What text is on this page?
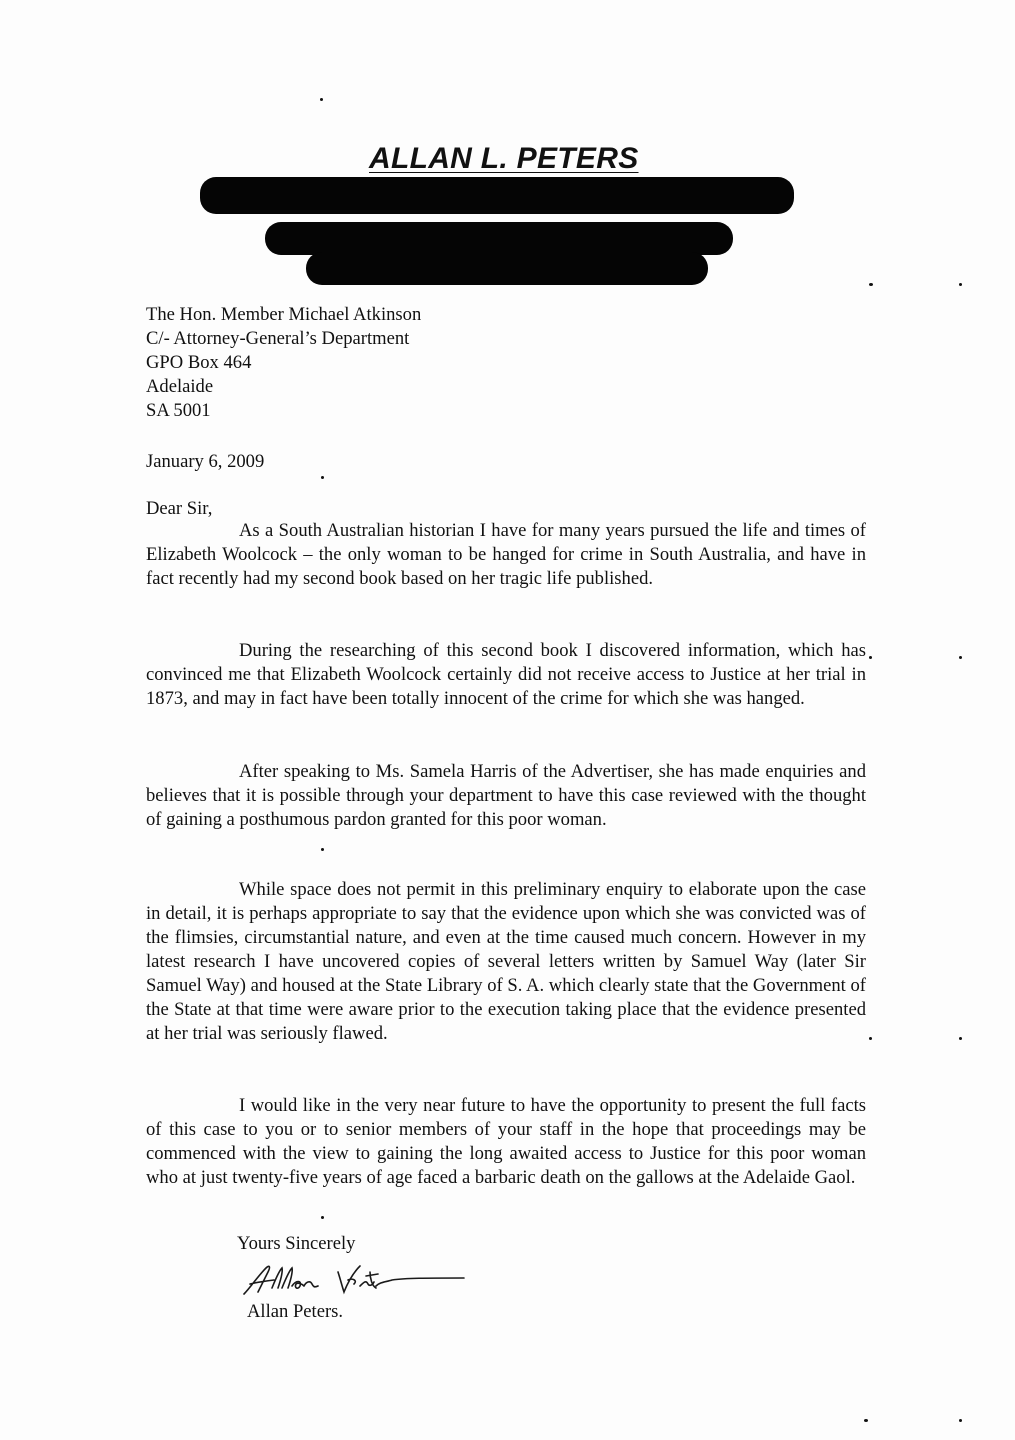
ALLAN L. PETERS
The Hon. Member Michael Atkinson
C/- Attorney-General’s Department
GPO Box 464
Adelaide
SA 5001
January 6, 2009
Dear Sir,
As a South Australian historian I have for many years pursued the life and times of Elizabeth Woolcock – the only woman to be hanged for crime in South Australia, and have in fact recently had my second book based on her tragic life published.
During the researching of this second book I discovered information, which has convinced me that Elizabeth Woolcock certainly did not receive access to Justice at her trial in 1873, and may in fact have been totally innocent of the crime for which she was hanged.
After speaking to Ms. Samela Harris of the Advertiser, she has made enquiries and believes that it is possible through your department to have this case reviewed with the thought of gaining a posthumous pardon granted for this poor woman.
While space does not permit in this preliminary enquiry to elaborate upon the case in detail, it is perhaps appropriate to say that the evidence upon which she was convicted was of the flimsies, circumstantial nature, and even at the time caused much concern. However in my latest research I have uncovered copies of several letters written by Samuel Way (later Sir Samuel Way) and housed at the State Library of S. A. which clearly state that the Government of the State at that time were aware prior to the execution taking place that the evidence presented at her trial was seriously flawed.
I would like in the very near future to have the opportunity to present the full facts of this case to you or to senior members of your staff in the hope that proceedings may be commenced with the view to gaining the long awaited access to Justice for this poor woman who at just twenty-five years of age faced a barbaric death on the gallows at the Adelaide Gaol.
Yours Sincerely
Allan Peters.
